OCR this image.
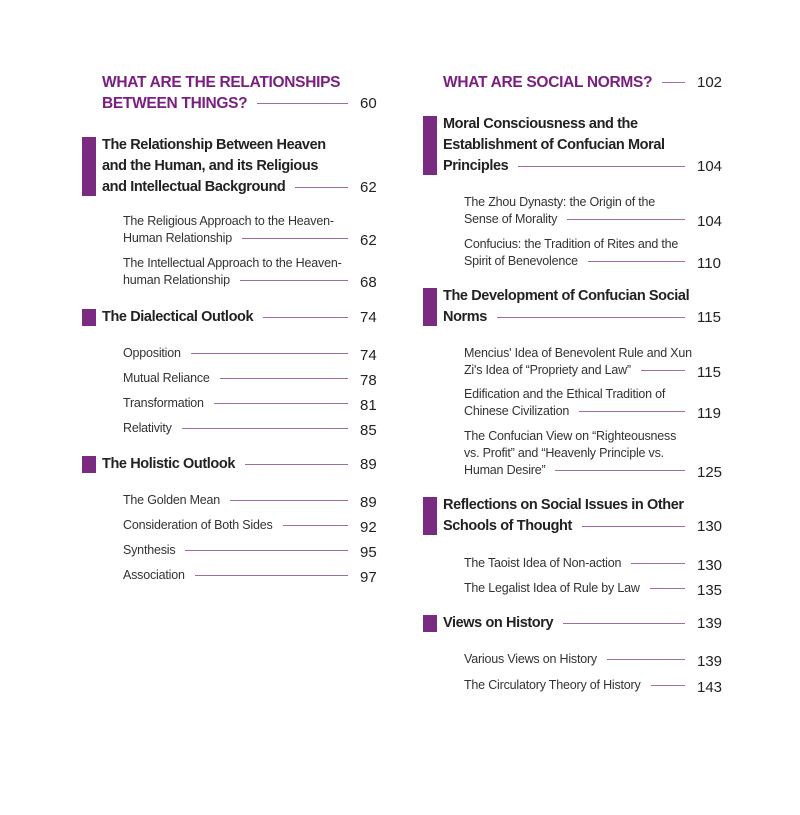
WHAT ARE THE RELATIONSHIPS
BETWEEN THINGS?	60
The Relationship Between Heaven
and the Human, and its Religious
and Intellectual Background	62
The Religious Approach to the Heaven-
Human Relationship	62
The Intellectual Approach to the Heaven-
human Relationship	68
The Dialectical Outlook	74
Opposition	74
Mutual Reliance	78
Transformation	81
Relativity	85
The Holistic Outlook	89
The Golden Mean	89
Consideration of Both Sides	92
Synthesis	95
Association	97
WHAT ARE SOCIAL NORMS?	102
Moral Consciousness and the
Establishment of Confucian Moral
Principles	104
The Zhou Dynasty: the Origin of the
Sense of Morality	104
Confucius: the Tradition of Rites and the
Spirit of Benevolence	110
The Development of Confucian Social
Norms	115
Mencius' Idea of Benevolent Rule and Xun
Zi's Idea of “Propriety and Law”	115
Edification and the Ethical Tradition of
Chinese Civilization	119
The Confucian View on “Righteousness
vs. Profit” and “Heavenly Principle vs.
Human Desire”	125
Reflections on Social Issues in Other
Schools of Thought	130
The Taoist Idea of Non-action	130
The Legalist Idea of Rule by Law	135
Views on History	139
Various Views on History	139
The Circulatory Theory of History	143
